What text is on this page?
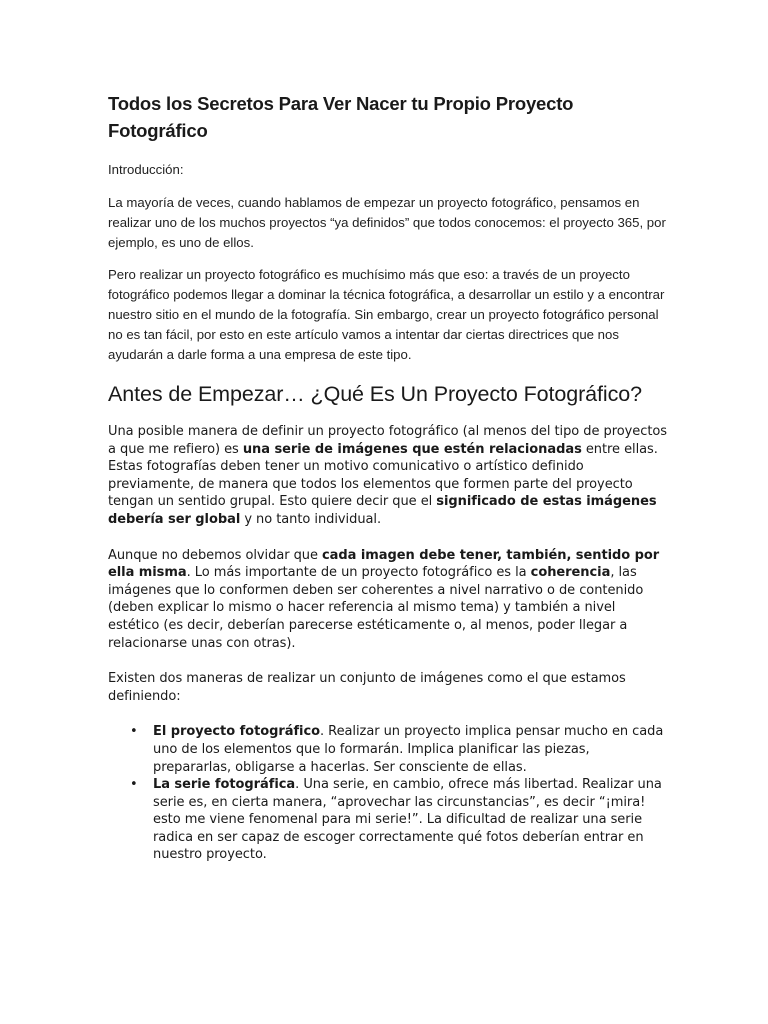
Todos los Secretos Para Ver Nacer tu Propio Proyecto Fotográfico

Introducción:

La mayoría de veces, cuando hablamos de empezar un proyecto fotográfico, pensamos en realizar uno de los muchos proyectos “ya definidos” que todos conocemos: el proyecto 365, por ejemplo, es uno de ellos.

Pero realizar un proyecto fotográfico es muchísimo más que eso: a través de un proyecto fotográfico podemos llegar a dominar la técnica fotográfica, a desarrollar un estilo y a encontrar nuestro sitio en el mundo de la fotografía. Sin embargo, crear un proyecto fotográfico personal no es tan fácil, por esto en este artículo vamos a intentar dar ciertas directrices que nos ayudarán a darle forma a una empresa de este tipo.

Antes de Empezar… ¿Qué Es Un Proyecto Fotográfico?

Una posible manera de definir un proyecto fotográfico (al menos del tipo de proyectos a que me refiero) es una serie de imágenes que estén relacionadas entre ellas. Estas fotografías deben tener un motivo comunicativo o artístico definido previamente, de manera que todos los elementos que formen parte del proyecto tengan un sentido grupal. Esto quiere decir que el significado de estas imágenes debería ser global y no tanto individual.

Aunque no debemos olvidar que cada imagen debe tener, también, sentido por ella misma. Lo más importante de un proyecto fotográfico es la coherencia, las imágenes que lo conformen deben ser coherentes a nivel narrativo o de contenido (deben explicar lo mismo o hacer referencia al mismo tema) y también a nivel estético (es decir, deberían parecerse estéticamente o, al menos, poder llegar a relacionarse unas con otras).

Existen dos maneras de realizar un conjunto de imágenes como el que estamos definiendo:

• El proyecto fotográfico. Realizar un proyecto implica pensar mucho en cada uno de los elementos que lo formarán. Implica planificar las piezas, prepararlas, obligarse a hacerlas. Ser consciente de ellas.
• La serie fotográfica. Una serie, en cambio, ofrece más libertad. Realizar una serie es, en cierta manera, “aprovechar las circunstancias”, es decir “¡mira! esto me viene fenomenal para mi serie!”. La dificultad de realizar una serie radica en ser capaz de escoger correctamente qué fotos deberían entrar en nuestro proyecto.
